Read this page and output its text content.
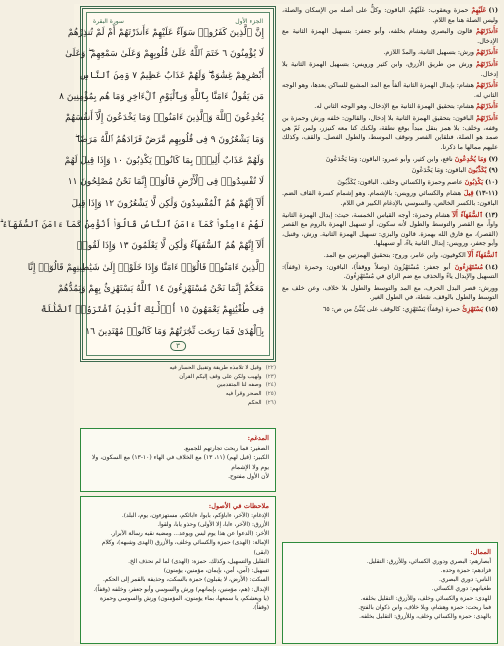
الجزء الأول
سورة البقرة
إِنَّ ٱلَّذِينَ كَفَرُوا۟ سَوَآءٌ عَلَيْهِمْ ءَأَنذَرْتَهُمْ أَمْ لَمْ تُنذِرْهُمْ
لَا يُؤْمِنُونَ ٦ خَتَمَ ٱللَّهُ عَلَىٰ قُلُوبِهِمْ وَعَلَىٰ سَمْعِهِمْ ۖ وَعَلَىٰ
أَبْصَٰرِهِمْ غِشَٰوَةٌ ۖ وَلَهُمْ عَذَابٌ عَظِيمٌ ٧ وَمِنَ ٱلنَّاسِ
مَن يَقُولُ ءَامَنَّا بِٱللَّهِ وَبِٱلْيَوْمِ ٱلْءَاخِرِ وَمَا هُم بِمُؤْمِنِينَ ٨
يُخَٰدِعُونَ ٱللَّهَ وَٱلَّذِينَ ءَامَنُوا۟ وَمَا يَخْدَعُونَ إِلَّآ أَنفُسَهُمْ
وَمَا يَشْعُرُونَ ٩ فِى قُلُوبِهِم مَّرَضٌ فَزَادَهُمُ ٱللَّهُ مَرَضًا ۖ
وَلَهُمْ عَذَابٌ أَلِيمٌۢ بِمَا كَانُوا۟ يَكْذِبُونَ ١٠ وَإِذَا قِيلَ لَهُمْ
لَا تُفْسِدُوا۟ فِى ٱلْأَرْضِ قَالُوٓا۟ إِنَّمَا نَحْنُ مُصْلِحُونَ ١١
أَلَآ إِنَّهُمْ هُمُ ٱلْمُفْسِدُونَ وَلَٰكِن لَّا يَشْعُرُونَ ١٢ وَإِذَا قِيلَ
لَهُمْ ءَامِنُوا۟ كَمَآ ءَامَنَ ٱلنَّاسُ قَالُوٓا۟ أَنُؤْمِنُ كَمَآ ءَامَنَ ٱلسُّفَهَآءُ ۗ
أَلَآ إِنَّهُمْ هُمُ ٱلسُّفَهَآءُ وَلَٰكِن لَّا يَعْلَمُونَ ١٣ وَإِذَا لَقُوا۟
ٱلَّذِينَ ءَامَنُوا۟ قَالُوٓا۟ ءَامَنَّا وَإِذَا خَلَوْا۟ إِلَىٰ شَيَٰطِينِهِمْ قَالُوٓا۟ إِنَّا
مَعَكُمْ إِنَّمَا نَحْنُ مُسْتَهْزِءُونَ ١٤ ٱللَّهُ يَسْتَهْزِئُ بِهِمْ وَيَمُدُّهُمْ
فِى طُغْيَٰنِهِمْ يَعْمَهُونَ ١٥ أُو۟لَٰٓئِكَ ٱلَّذِينَ ٱشْتَرَوُا۟ ٱلضَّلَٰلَةَ
بِٱلْهُدَىٰ فَمَا رَبِحَت تِّجَٰرَتُهُمْ وَمَا كَانُوا۟ مُهْتَدِينَ ١٦
٣
(١)عَلَيْهِمْ حمزة ويعقوب: عَلَيْهُمْ، الباقون: وكلٌّ على أصله من الإسكان والصلة، وليس الصلة هنا مع اللام.
ءَأَنذَرْتَهُمْ قالون والبصري وهشام بخلفه، وأبو جعفر: بتسهيل الهمزة الثانية مع الإدخال.
ءَأَنذَرْتَهُمْ ورش: بتسهيل الثانية، والمدّ اللازم.
ءَأَنذَرْتَهُمْ ورش من طريق الأزرق، وابن كثير ورويس: بتسهيل الهمزة الثانية بلا إدخال.
ءَأَنذَرْتَهُمْ هشام: بإبدال الهمزة الثانية ألفاً مع المد المشبع للساكن بعدها، وهو الوجه الثاني له.
ءَأَنذَرْتَهُمْ هشام: بتحقيق الهمزة الثانية مع الإدخال، وهو الوجه الثاني له.
ءَأَنذَرْتَهُمْ الباقون: بتحقيق الهمزة الثانية بلا إدخال، والقالون: خلفه ورش وحمزة بن وقفه، وخلف: بلا همز بنقل مبداً بوقع نطقة، ولكنك كنا معه كنيزر، ولمن ثَمّ هي صمد هو الصلة، فنلقاين الفصر ونوقف الموسط، والطول الفصل. والقف، وكذلك عليهم ممالها ما ذكرنا.
(٧)وَمَا يُخَٰدِعُونَ نافع، وابن كثير، وأبو عمرو: الباقون: وَمَا يَخْدَعُونَ
(٩)يُكَذِّبُونَ الباقون: وَمَا يَخْدَعُونَ
(١٠)يَكْذِبُونَ عاصم وحمزة والكسائي وخلف. الباقون: يُكَذِّبُونَ
(١١-١٣)قِيلَ هشام والكسائي ورويس: بالإشمام. وهو إشمام كسرة القاف الضم. الباقون: بالكسر الخالص، والسوسي بالإدغام الكبير في اللام.
(١٣)ٱلسُّفَهَآءُ أَلَآ هشام وحمزة: أوجه القياس الخمسة، حيث: إبدال الهمزة الثانية واواً، مع القصر والتوسط والطول لأنه سكون، أو تسهيل الهمزة بالروم مع القصر (القصر)، مع فارق الله بهمزة. قالون والبزي: تسهيل الهمزة الثانية. ورش، وقنبل، وأبو جعفر، ورويس: إبدال الثانية ياءً، أو تسهيلها.
ٱلسُّفَهَآءُ أَلَآ الكوفيون، وابن عامر، وروح: بتحقيق الهمزتين مع المد.
(١٤)مُسْتَهْزِءُونَ أبو جعفر: مُسْتَهْزُونَ (وصلاً ووقفاً)، الباقون: وحمزة (وقفاً): التسهيل والإبدال ياءً والحذف مع ضم الزاي في مُسْتَهْزِءُونَ.
وورش: قصر البدل الحرف، مع المد والتوسط والطول بلا خلاف، وعن خلف مع التوسط والطول بالوقف، نقطة، في الطول الغير.
(١٥)يَسْتَهْزِئُ حمزة (وقفاً) يَسْتَهْزِي: كالوقف على يُنَبِّئُ من ص: ٦٥
(٢٢)
وقيل لا تلامذه طريقة وتقبيل الحسار فيه
(٢٣)
ولهيب ولكن على وقف إليكم القرآن
(٢٤)
وصفه لنا المتقدمين
(٢٥)
الصحر وقرأ فيه
(٢٦)
الحكم
المدغم:
الصغير: فما ربحت تجارتهم للجميع.
الكبير: (قيل لهم) (١١، ١٣) مع الخلاف في الهاء (١٠-١٣) مع السكون، ولا يوم ولا الإشمام
لأن الأول مفتوح.
ملاحظات في الأصول:
الإدغام: (الآخر، ءاباؤكم، بايوا، ءابائكم، مستهزءون، يوم، البلد).
الأزرق: (الآخر، ءابا، إلا الأولى) وحذو يابا، ولقوا.
الأخر: (الدعوا عن هذا يوم ليس ويوعد... ومضيه نقيه رسالة الآبرار.
الإمالة: (الهدى) حمزة والكسائي وخلف، والأزرق (الهدى وشبهه)، وكلام (ابقى)
التقليل والتسهيل، وكذلك. حمزة: (الهدى) لما لم نحذف الخ.
تسهيل: (آمن، أمن، بإيمان، مؤمنين، يؤمنون)
السكت: (الأرض، لا يقبلون) حمزة بالسكت، وحذيفة بالقمر إلى الحكم.
الإبدال: (هم، مؤمنين، بإيمانهم) ورش والسوسي وأبو جعفر، وخلفه (وقفاً).
(يا ويعشكم، يا سمعها، بماء يؤمنون، المؤمنون) ورش والسوسي وحمزة (وقفاً).
الممال:
أبصارهم: البصري ودوري الكسائي، وللأزرق: التقليل.
فزادهم: حمزة وحده.
الناس: دوري البصري.
طغيانهم: دوري الكسائي.
للهدى: حمزة والكسائي وخلف، وللأزرق: التقليل بخلفه.
فما ربحت: حمزة وهشام، وبلا خلاف، وابن ذكوان بالفتح.
بالهدى: حمزة والكسائي وخلف، وللأزرق: التقليل بخلفه.
